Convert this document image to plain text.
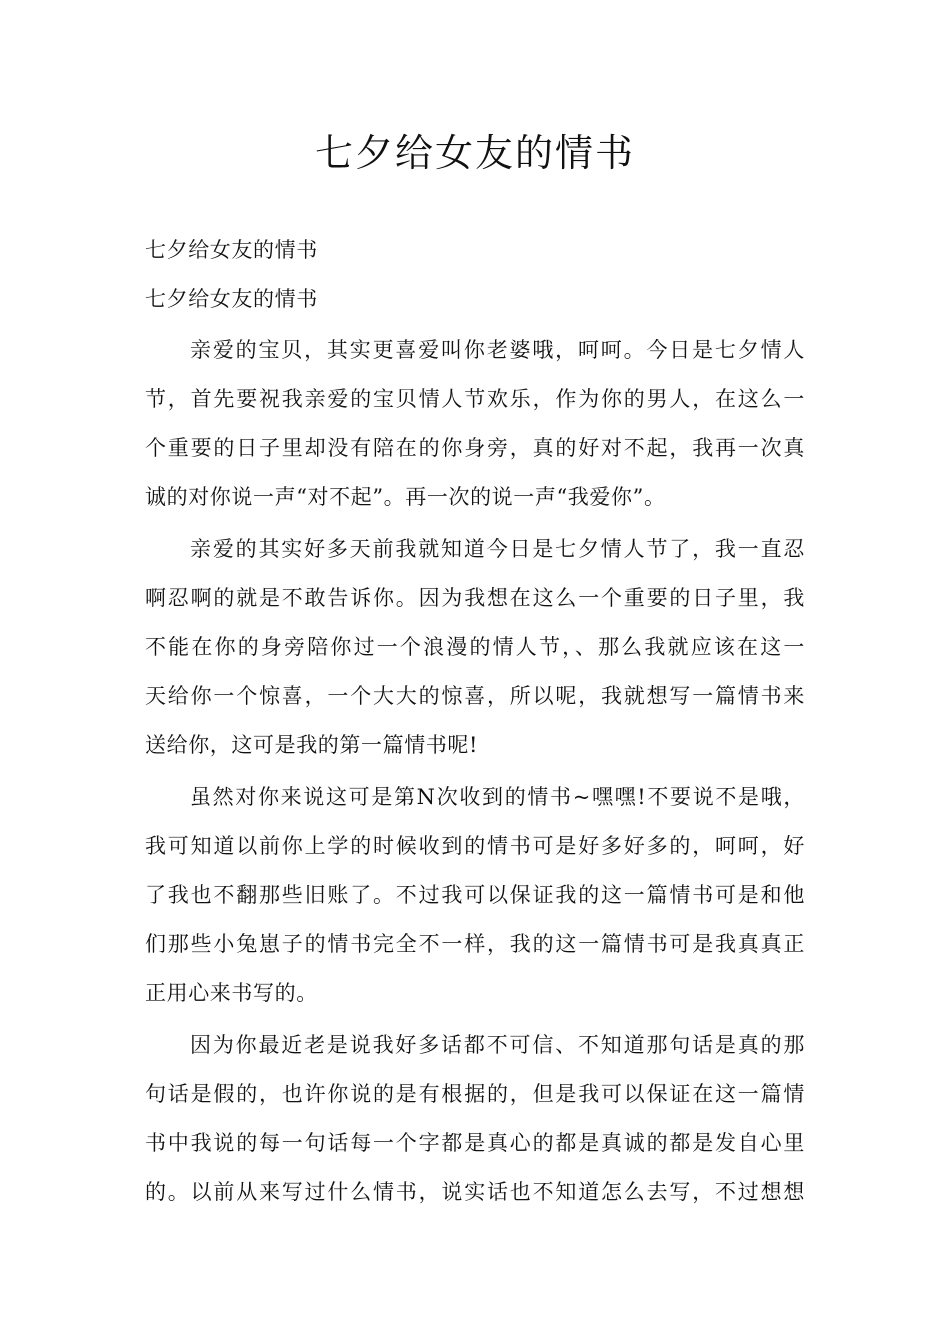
七夕给女友的情书
七夕给女友的情书
七夕给女友的情书
亲爱的宝贝，其实更喜爱叫你老婆哦，呵呵。今日是七夕情人
节，首先要祝我亲爱的宝贝情人节欢乐，作为你的男人，在这么一
个重要的日子里却没有陪在的你身旁，真的好对不起，我再一次真
诚的对你说一声“对不起”。再一次的说一声“我爱你”。
亲爱的其实好多天前我就知道今日是七夕情人节了，我一直忍
啊忍啊的就是不敢告诉你。因为我想在这么一个重要的日子里，我
不能在你的身旁陪你过一个浪漫的情人节，、那么我就应该在这一
天给你一个惊喜，一个大大的惊喜，所以呢，我就想写一篇情书来
送给你，这可是我的第一篇情书呢!
虽然对你来说这可是第N次收到的情书~嘿嘿!不要说不是哦，
我可知道以前你上学的时候收到的情书可是好多好多的，呵呵，好
了我也不翻那些旧账了。不过我可以保证我的这一篇情书可是和他
们那些小兔崽子的情书完全不一样，我的这一篇情书可是我真真正
正用心来书写的。
因为你最近老是说我好多话都不可信、不知道那句话是真的那
句话是假的，也许你说的是有根据的，但是我可以保证在这一篇情
书中我说的每一句话每一个字都是真心的都是真诚的都是发自心里
的。以前从来写过什么情书，说实话也不知道怎么去写，不过想想
